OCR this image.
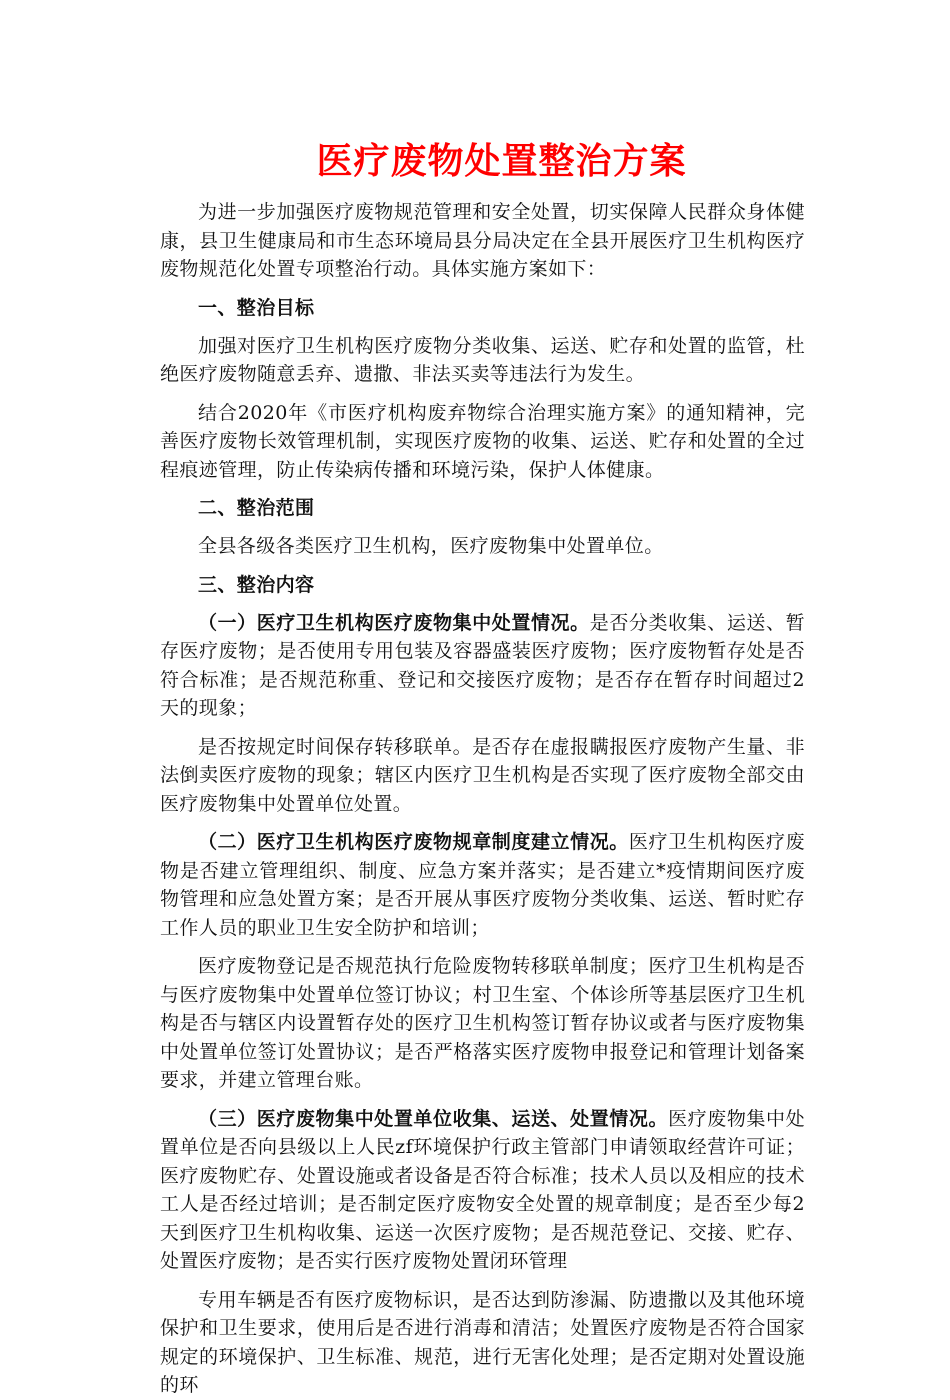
医疗废物处置整治方案

为进一步加强医疗废物规范管理和安全处置，切实保障人民群众身体健康，县卫生健康局和市生态环境局县分局决定在全县开展医疗卫生机构医疗废物规范化处置专项整治行动。具体实施方案如下：

一、整治目标

加强对医疗卫生机构医疗废物分类收集、运送、贮存和处置的监管，杜绝医疗废物随意丢弃、遗撒、非法买卖等违法行为发生。

结合2020年《市医疗机构废弃物综合治理实施方案》的通知精神，完善医疗废物长效管理机制，实现医疗废物的收集、运送、贮存和处置的全过程痕迹管理，防止传染病传播和环境污染，保护人体健康。

二、整治范围

全县各级各类医疗卫生机构，医疗废物集中处置单位。

三、整治内容

（一）医疗卫生机构医疗废物集中处置情况。是否分类收集、运送、暂存医疗废物；是否使用专用包装及容器盛装医疗废物；医疗废物暂存处是否符合标准；是否规范称重、登记和交接医疗废物；是否存在暂存时间超过2天的现象；

是否按规定时间保存转移联单。是否存在虚报瞒报医疗废物产生量、非法倒卖医疗废物的现象；辖区内医疗卫生机构是否实现了医疗废物全部交由医疗废物集中处置单位处置。

（二）医疗卫生机构医疗废物规章制度建立情况。医疗卫生机构医疗废物是否建立管理组织、制度、应急方案并落实；是否建立*疫情期间医疗废物管理和应急处置方案；是否开展从事医疗废物分类收集、运送、暂时贮存工作人员的职业卫生安全防护和培训；

医疗废物登记是否规范执行危险废物转移联单制度；医疗卫生机构是否与医疗废物集中处置单位签订协议；村卫生室、个体诊所等基层医疗卫生机构是否与辖区内设置暂存处的医疗卫生机构签订暂存协议或者与医疗废物集中处置单位签订处置协议；是否严格落实医疗废物申报登记和管理计划备案要求，并建立管理台账。

（三）医疗废物集中处置单位收集、运送、处置情况。医疗废物集中处置单位是否向县级以上人民zf环境保护行政主管部门申请领取经营许可证；医疗废物贮存、处置设施或者设备是否符合标准；技术人员以及相应的技术工人是否经过培训；是否制定医疗废物安全处置的规章制度；是否至少每2天到医疗卫生机构收集、运送一次医疗废物；是否规范登记、交接、贮存、处置医疗废物；是否实行医疗废物处置闭环管理

专用车辆是否有医疗废物标识，是否达到防渗漏、防遗撒以及其他环境保护和卫生要求，使用后是否进行消毒和清洁；处置医疗废物是否符合国家规定的环境保护、卫生标准、规范，进行无害化处理；是否定期对处置设施的环
